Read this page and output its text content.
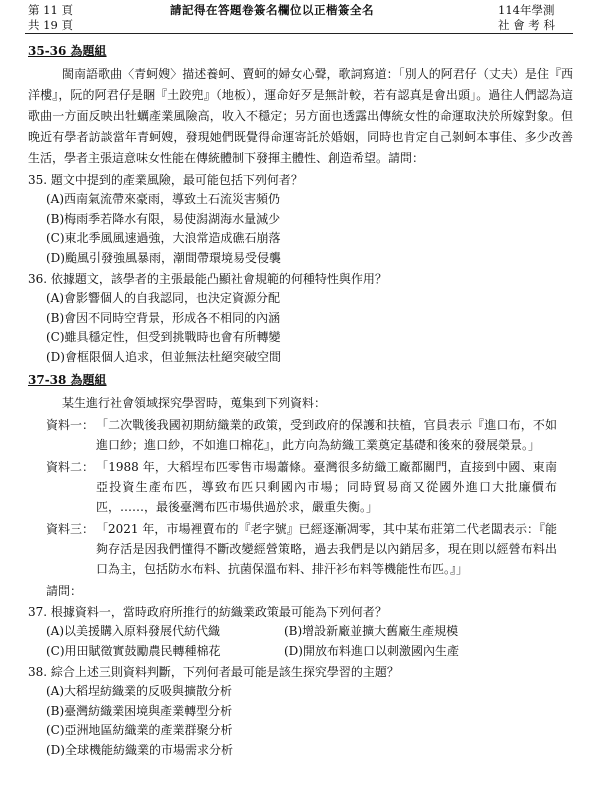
第 11 頁
共 19 頁
請記得在答題卷簽名欄位以正楷簽全名	114年學測
社 會 考 科

35-36 為題組

閩南語歌曲〈青蚵嫂〉描述養蚵、賣蚵的婦女心聲，歌詞寫道：「別人的阿君仔（丈夫）是住『西洋樓』，阮的阿君仔是睏『土跤兜』（地板），運命好歹是無計較，若有認真是會出頭」。過往人們認為這歌曲一方面反映出牡蠣產業風險高，收入不穩定；另方面也透露出傳統女性的命運取決於所嫁對象。但晚近有學者訪談當年青蚵嫂，發現她們既覺得命運寄託於婚姻，同時也肯定自己剝蚵本事佳、多少改善生活，學者主張這意味女性能在傳統體制下發揮主體性、創造希望。請問：

35. 題文中提到的產業風險，最可能包括下列何者？

(A)西南氣流帶來豪雨，導致土石流災害頻仍

(B)梅雨季若降水有限，易使潟湖海水量減少

(C)東北季風風速過強，大浪常造成礁石崩落

(D)颱風引發強風暴雨，潮間帶環境易受侵襲

36. 依據題文，該學者的主張最能凸顯社會規範的何種特性與作用？

(A)會影響個人的自我認同，也決定資源分配

(B)會因不同時空背景，形成各不相同的內涵

(C)雖具穩定性，但受到挑戰時也會有所轉變

(D)會框限個人追求，但並無法杜絕突破空間

37-38 為題組

某生進行社會領域探究學習時，蒐集到下列資料：

資料一： 「二次戰後我國初期紡織業的政策，受到政府的保護和扶植，官員表示『進口布，不如進口紗；進口紗，不如進口棉花』，此方向為紡織工業奠定基礎和後來的發展榮景。」
資料二： 「1988 年，大稻埕布匹零售市場蕭條。臺灣很多紡織工廠都關門，直接到中國、東南亞投資生產布匹，導致布匹只剩國內市場；同時貿易商又從國外進口大批廉價布匹，……，最後臺灣布匹市場供過於求，嚴重失衡。」
資料三： 「2021 年，市場裡賣布的『老字號』已經逐漸凋零，其中某布莊第二代老闆表示：『能夠存活是因我們懂得不斷改變經營策略，過去我們是以內銷居多，現在則以經營布料出口為主，包括防水布料、抗菌保溫布料、排汗衫布料等機能性布匹。』」

請問：

37. 根據資料一，當時政府所推行的紡織業政策最可能為下列何者？

(A)以美援購入原料發展代紡代織	(B)增設新廠並擴大舊廠生產規模

(C)用田賦徵實鼓勵農民轉種棉花	(D)開放布料進口以刺激國內生產

38. 綜合上述三則資料判斷，下列何者最可能是該生探究學習的主題？

(A)大稻埕紡織業的反吸與擴散分析

(B)臺灣紡織業困境與產業轉型分析

(C)亞洲地區紡織業的產業群聚分析

(D)全球機能紡織業的市場需求分析
